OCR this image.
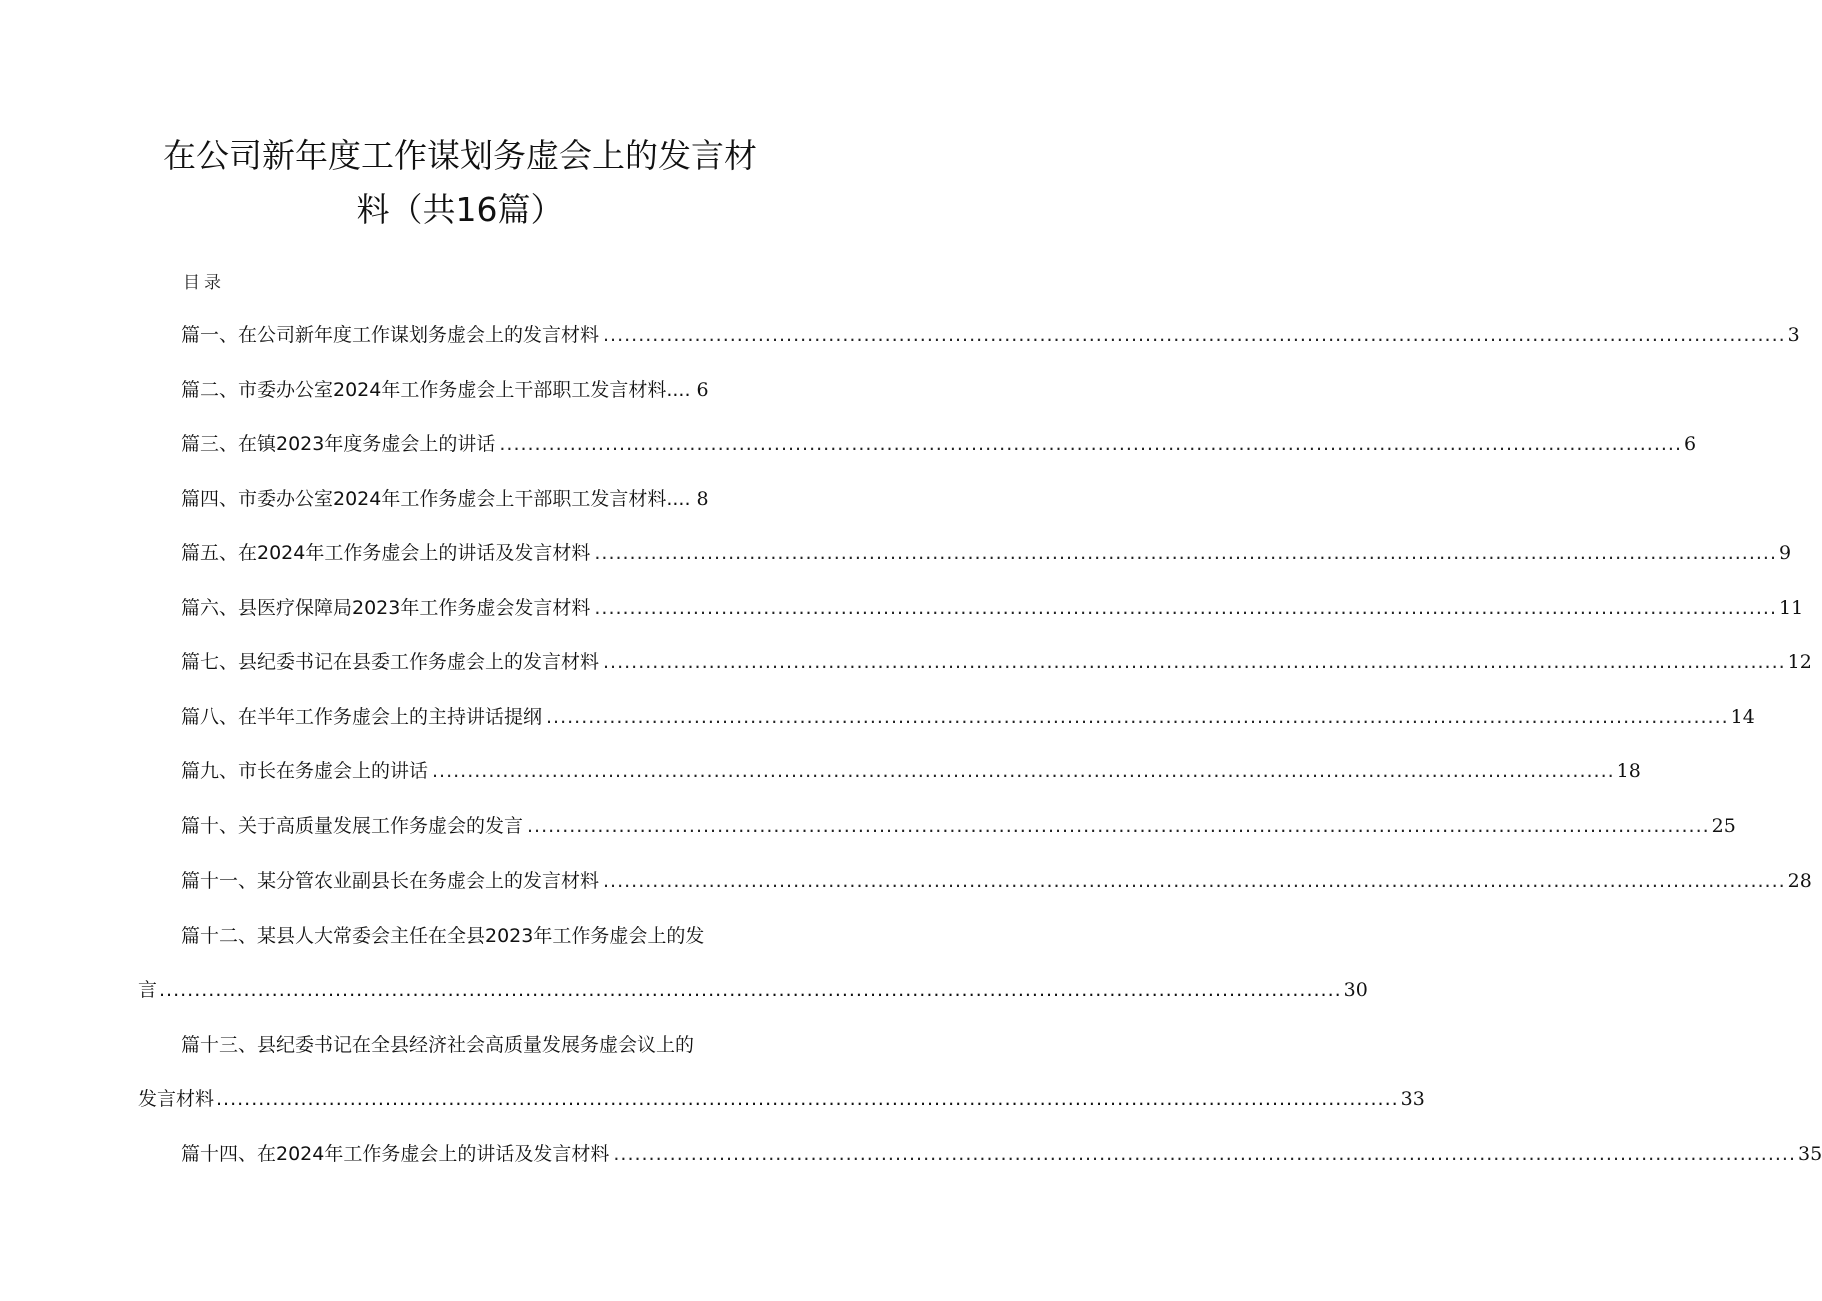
在公司新年度工作谋划务虚会上的发言材
料（共16篇）
目录
篇一、在公司新年度工作谋划务虚会上的发言材料 ........................................................................................................................................................................ 3
篇二、市委办公室2024年工作务虚会上干部职工发言材料.... 6
篇三、在镇2023年度务虚会上的讲话 ........................................................................................................................................................................ 6
篇四、市委办公室2024年工作务虚会上干部职工发言材料.... 8
篇五、在2024年工作务虚会上的讲话及发言材料 ........................................................................................................................................................................ 9
篇六、县医疗保障局2023年工作务虚会发言材料 ........................................................................................................................................................................ 11
篇七、县纪委书记在县委工作务虚会上的发言材料 ........................................................................................................................................................................ 12
篇八、在半年工作务虚会上的主持讲话提纲 ........................................................................................................................................................................ 14
篇九、市长在务虚会上的讲话 ........................................................................................................................................................................ 18
篇十、关于高质量发展工作务虚会的发言 ........................................................................................................................................................................ 25
篇十一、某分管农业副县长在务虚会上的发言材料 ........................................................................................................................................................................ 28
篇十二、某县人大常委会主任在全县2023年工作务虚会上的发
言 ........................................................................................................................................................................ 30
篇十三、县纪委书记在全县经济社会高质量发展务虚会议上的
发言材料 ........................................................................................................................................................................ 33
篇十四、在2024年工作务虚会上的讲话及发言材料 ........................................................................................................................................................................ 35
